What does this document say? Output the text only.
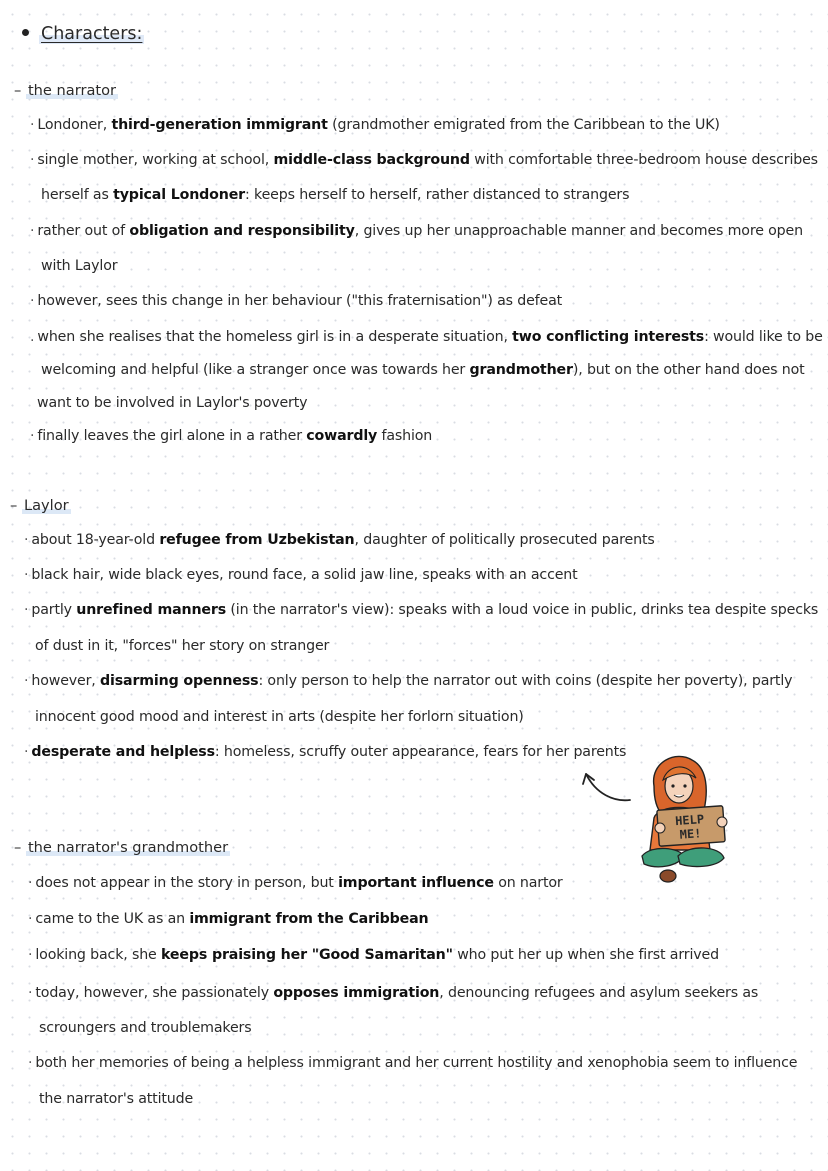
Characters:
– the narrator
· Londoner, third-generation immigrant (grandmother emigrated from the Caribbean to the UK)
· single mother, working at school, middle-class background with comfortable three-bedroom house describes
herself as typical Londoner: keeps herself to herself, rather distanced to strangers
· rather out of obligation and responsibility, gives up her unapproachable manner and becomes more open
with Laylor
· however, sees this change in her behaviour ("this fraternisation") as defeat
. when she realises that the homeless girl is in a desperate situation, two conflicting interests: would like to be
welcoming and helpful (like a stranger once was towards her grandmother), but on the other hand does not
want to be involved in Laylor's poverty
· finally leaves the girl alone in a rather cowardly fashion
– Laylor
· about 18-year-old refugee from Uzbekistan, daughter of politically prosecuted parents
· black hair, wide black eyes, round face, a solid jaw line, speaks with an accent
· partly unrefined manners (in the narrator's view): speaks with a loud voice in public, drinks tea despite specks
of dust in it, "forces" her story on stranger
· however, disarming openness: only person to help the narrator out with coins (despite her poverty), partly
innocent good mood and interest in arts (despite her forlorn situation)
· desperate and helpless: homeless, scruffy outer appearance, fears for her parents
HELP
ME!
– the narrator's grandmother
· does not appear in the story in person, but important influence on nartor
· came to the UK as an immigrant from the Caribbean
· looking back, she keeps praising her "Good Samaritan" who put her up when she first arrived
· today, however, she passionately opposes immigration, denouncing refugees and asylum seekers as
scroungers and troublemakers
· both her memories of being a helpless immigrant and her current hostility and xenophobia seem to influence
the narrator's attitude
